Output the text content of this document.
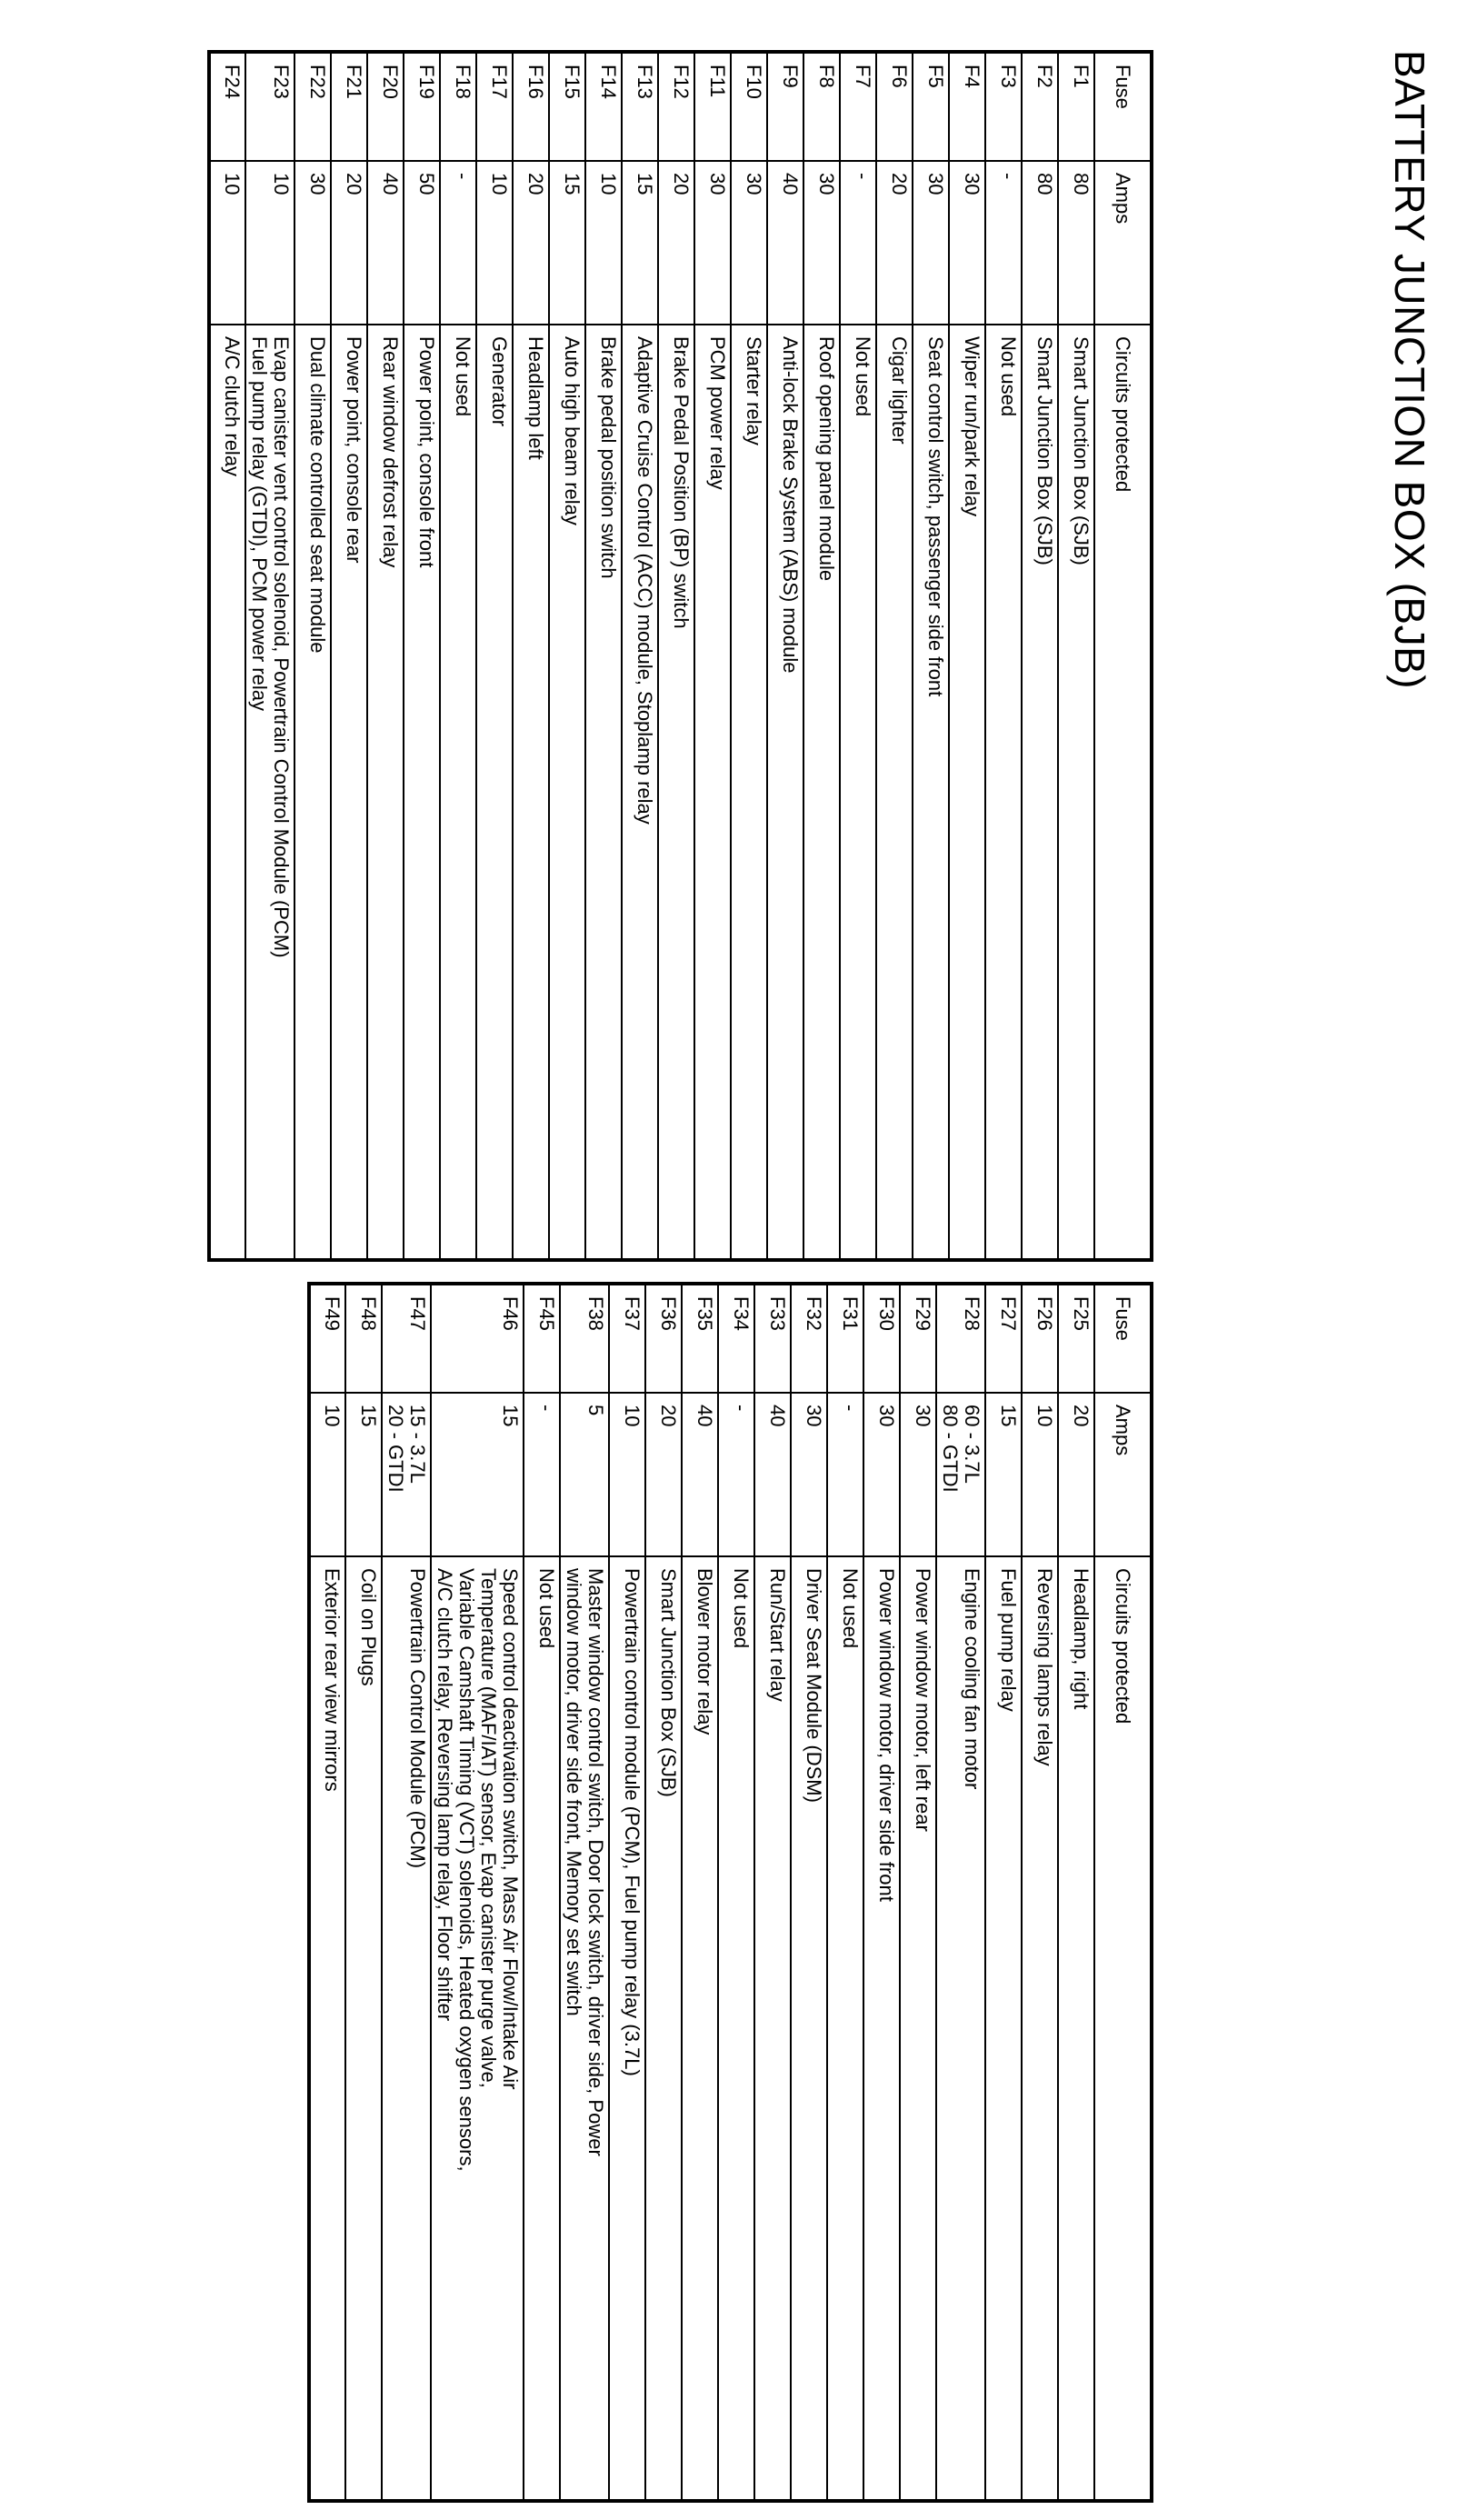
BATTERY JUNCTION BOX (BJB)
Fuse	Amps	Circuits protected
F1	80	Smart Junction Box (SJB)
F2	80	Smart Junction Box (SJB)
F3	-	Not used
F4	30	Wiper run/park relay
F5	30	Seat control switch, passenger side front
F6	20	Cigar lighter
F7	-	Not used
F8	30	Roof opening panel module
F9	40	Anti-lock Brake System (ABS) module
F10	30	Starter relay
F11	30	PCM power relay
F12	20	Brake Pedal Position (BP) switch
F13	15	Adaptive Cruise Control (ACC) module, Stoplamp relay
F14	10	Brake pedal position switch
F15	15	Auto high beam relay
F16	20	Headlamp left
F17	10	Generator
F18	-	Not used
F19	50	Power point, console front
F20	40	Rear window defrost relay
F21	20	Power point, console rear
F22	30	Dual climate controlled seat module
F23	10	Evap canister vent control solenoid, Powertrain Control Module (PCM)
Fuel pump relay (GTDI), PCM power relay
F24	10	A/C clutch relay
Fuse	Amps	Circuits protected
F25	20	Headlamp, right
F26	10	Reversing lamps relay
F27	15	Fuel pump relay
F28	60 - 3.7L
80 - GTDI	Engine cooling fan motor
F29	30	Power window motor, left rear
F30	30	Power window motor, driver side front
F31	-	Not used
F32	30	Driver Seat Module (DSM)
F33	40	Run/Start relay
F34	-	Not used
F35	40	Blower motor relay
F36	20	Smart Junction Box (SJB)
F37	10	Powertrain control module (PCM), Fuel pump relay (3.7L)
F38	5	Master window control switch, Door lock switch, driver side, Power
window motor, driver side front, Memory set switch
F45	-	Not used
F46	15	Speed control deactivation switch, Mass Air Flow/Intake Air
Temperature (MAF/IAT) sensor, Evap canister purge valve,
Variable Camshaft Timing (VCT) solenoids, Heated oxygen sensors,
A/C clutch relay, Reversing lamp relay, Floor shifter
F47	15 - 3.7L
20 - GTDI	Powertrain Control Module (PCM)
F48	15	Coil on Plugs
F49	10	Exterior rear view mirrors
